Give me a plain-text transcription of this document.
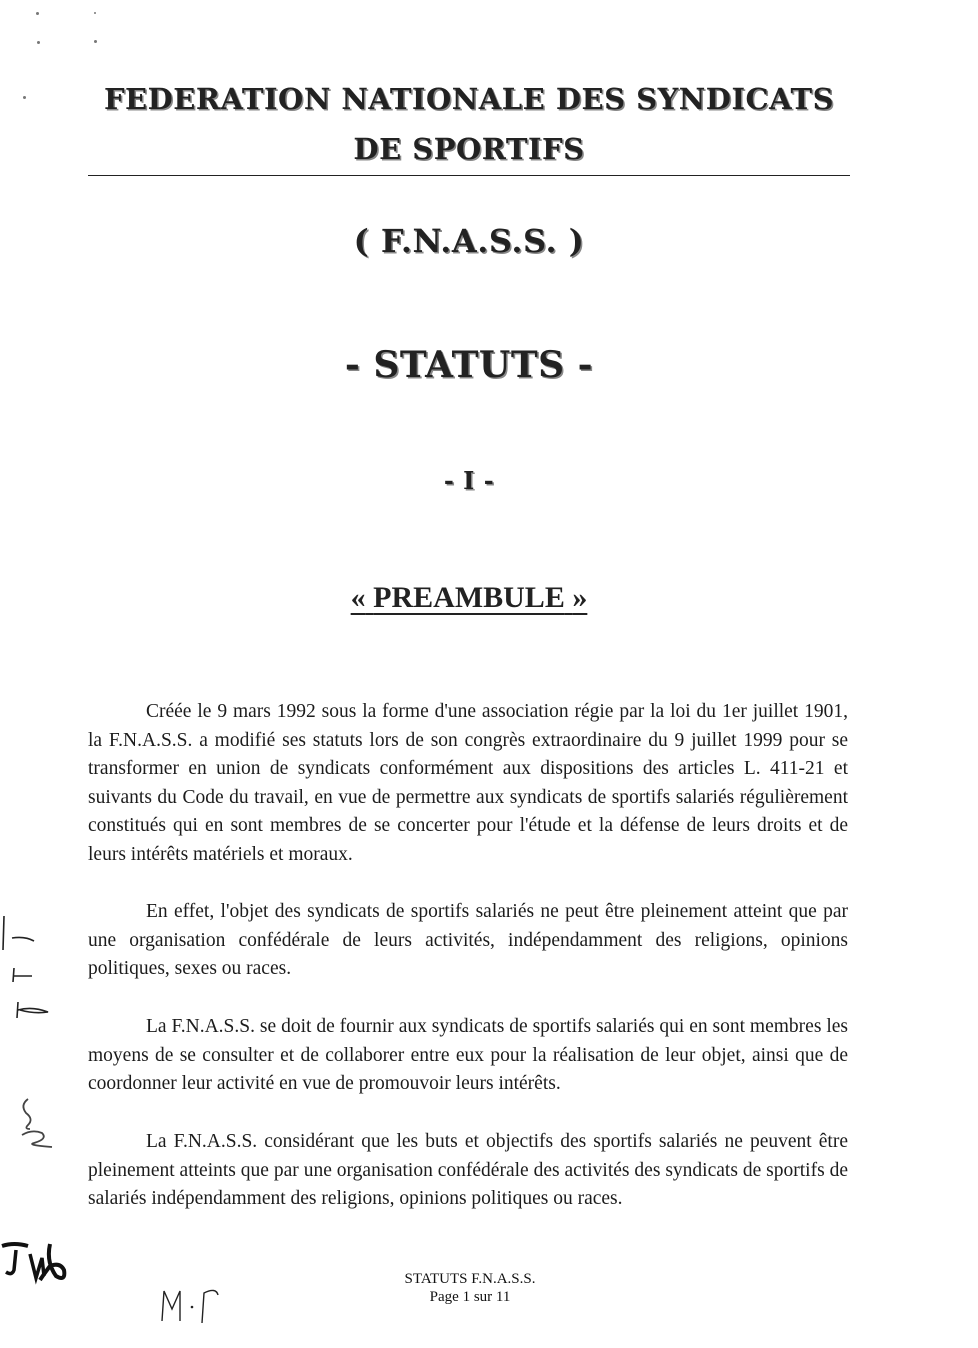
FEDERATION NATIONALE DES SYNDICATS
DE SPORTIFS
( F.N.A.S.S. )
- STATUTS -
- I -
« PREAMBULE »

Créée le 9 mars 1992 sous la forme d'une association régie par la loi du 1er juillet 1901, la F.N.A.S.S. a modifié ses statuts lors de son congrès extraordinaire du 9 juillet 1999 pour se transformer en union de syndicats conformément aux dispositions des articles L. 411-21 et suivants du Code du travail, en vue de permettre aux syndicats de sportifs salariés régulièrement constitués qui en sont membres de se concerter pour l'étude et la défense de leurs droits et de leurs intérêts matériels et moraux.

En effet, l'objet des syndicats de sportifs salariés ne peut être pleinement atteint que par une organisation confédérale de leurs activités, indépendamment des religions, opinions politiques, sexes ou races.

La F.N.A.S.S. se doit de fournir aux syndicats de sportifs salariés qui en sont membres les moyens de se consulter et de collaborer entre eux pour la réalisation de leur objet, ainsi que de coordonner leur activité en vue de promouvoir leurs intérêts.

La F.N.A.S.S. considérant que les buts et objectifs des sportifs salariés ne peuvent être pleinement atteints que par une organisation confédérale des activités des syndicats de sportifs de salariés indépendamment des religions, opinions politiques ou races.

STATUTS F.N.A.S.S.
Page 1 sur 11
